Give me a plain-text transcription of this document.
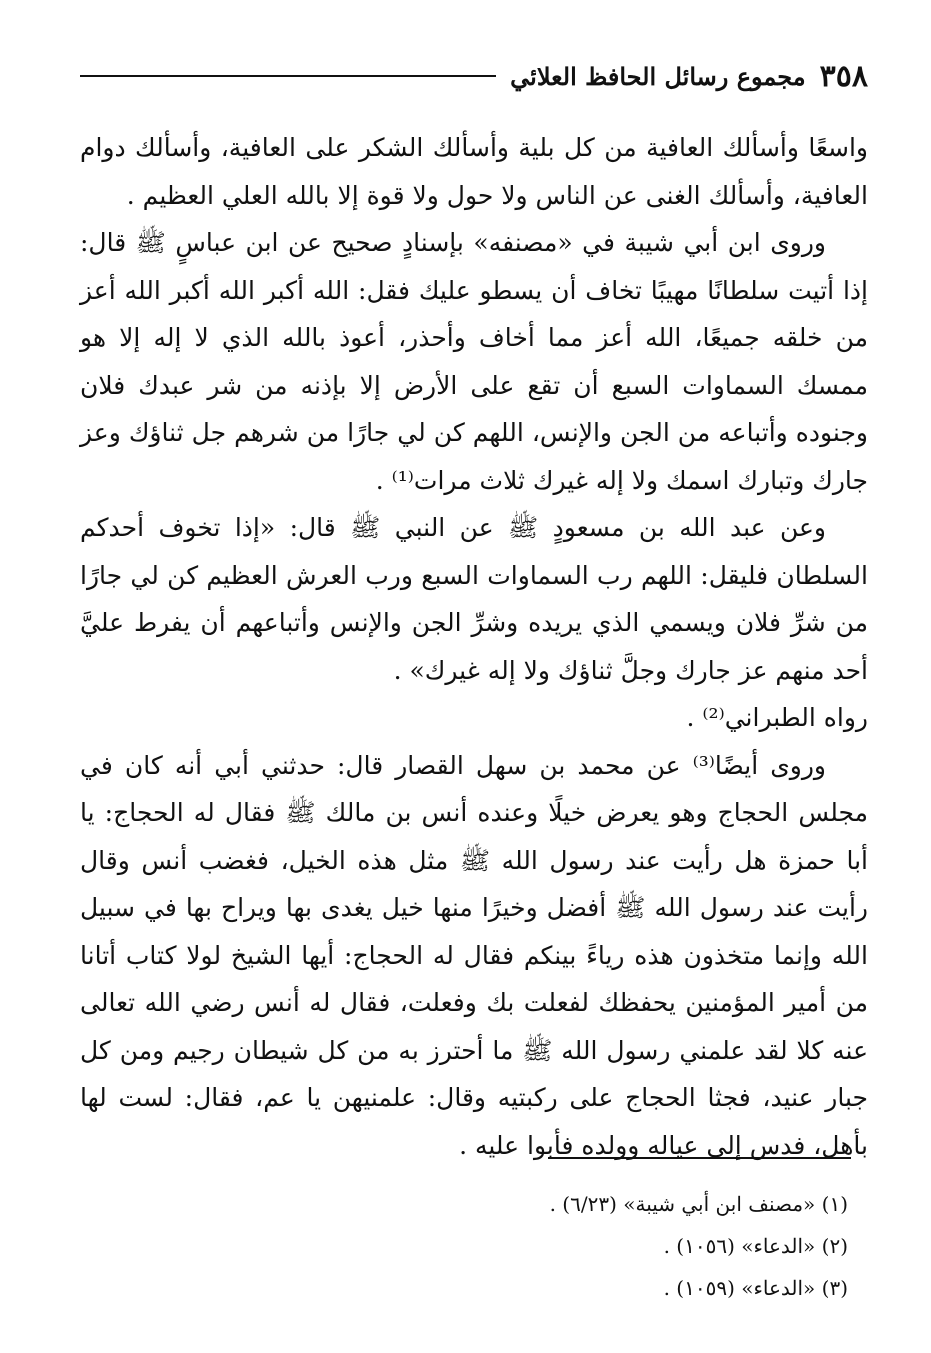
٣٥٨
مجموع رسائل الحافظ العلائي

واسعًا وأسألك العافية من كل بلية وأسألك الشكر على العافية، وأسألك دوام العافية، وأسألك الغنى عن الناس ولا حول ولا قوة إلا بالله العلي العظيم .

وروى ابن أبي شيبة في «مصنفه» بإسنادٍ صحيح عن ابن عباسٍ ﷺ قال: إذا أتيت سلطانًا مهيبًا تخاف أن يسطو عليك فقل: الله أكبر الله أكبر الله أعز من خلقه جميعًا، الله أعز مما أخاف وأحذر، أعوذ بالله الذي لا إله إلا هو ممسك السماوات السبع أن تقع على الأرض إلا بإذنه من شر عبدك فلان وجنوده وأتباعه من الجن والإنس، اللهم كن لي جارًا من شرهم جل ثناؤك وعز جارك وتبارك اسمك ولا إله غيرك ثلاث مرات⁽¹⁾ .

وعن عبد الله بن مسعودٍ ﷺ عن النبي ﷺ قال: «إذا تخوف أحدكم السلطان فليقل: اللهم رب السماوات السبع ورب العرش العظيم كن لي جارًا من شرِّ فلان ويسمي الذي يريده وشرِّ الجن والإنس وأتباعهم أن يفرط عليَّ أحد منهم عز جارك وجلَّ ثناؤك ولا إله غيرك» .

رواه الطبراني⁽²⁾ .

وروى أيضًا⁽³⁾ عن محمد بن سهل القصار قال: حدثني أبي أنه كان في مجلس الحجاج وهو يعرض خيلًا وعنده أنس بن مالك ﷺ فقال له الحجاج: يا أبا حمزة هل رأيت عند رسول الله ﷺ مثل هذه الخيل، فغضب أنس وقال رأيت عند رسول الله ﷺ أفضل وخيرًا منها خيل يغدى بها ويراح بها في سبيل الله وإنما متخذون هذه رياءً بينكم فقال له الحجاج: أيها الشيخ لولا كتاب أتانا من أمير المؤمنين يحفظك لفعلت بك وفعلت، فقال له أنس رضي الله تعالى عنه كلا لقد علمني رسول الله ﷺ ما أحترز به من كل شيطان رجيم ومن كل جبار عنيد، فجثا الحجاج على ركبتيه وقال: علمنيهن يا عم، فقال: لست لها بأهل، فدس إلى عياله وولده فأبوا عليه .

(١) «مصنف ابن أبي شيبة» (٦/٢٣) .

(٢) «الدعاء» (١٠٥٦) .

(٣) «الدعاء» (١٠٥٩) .
